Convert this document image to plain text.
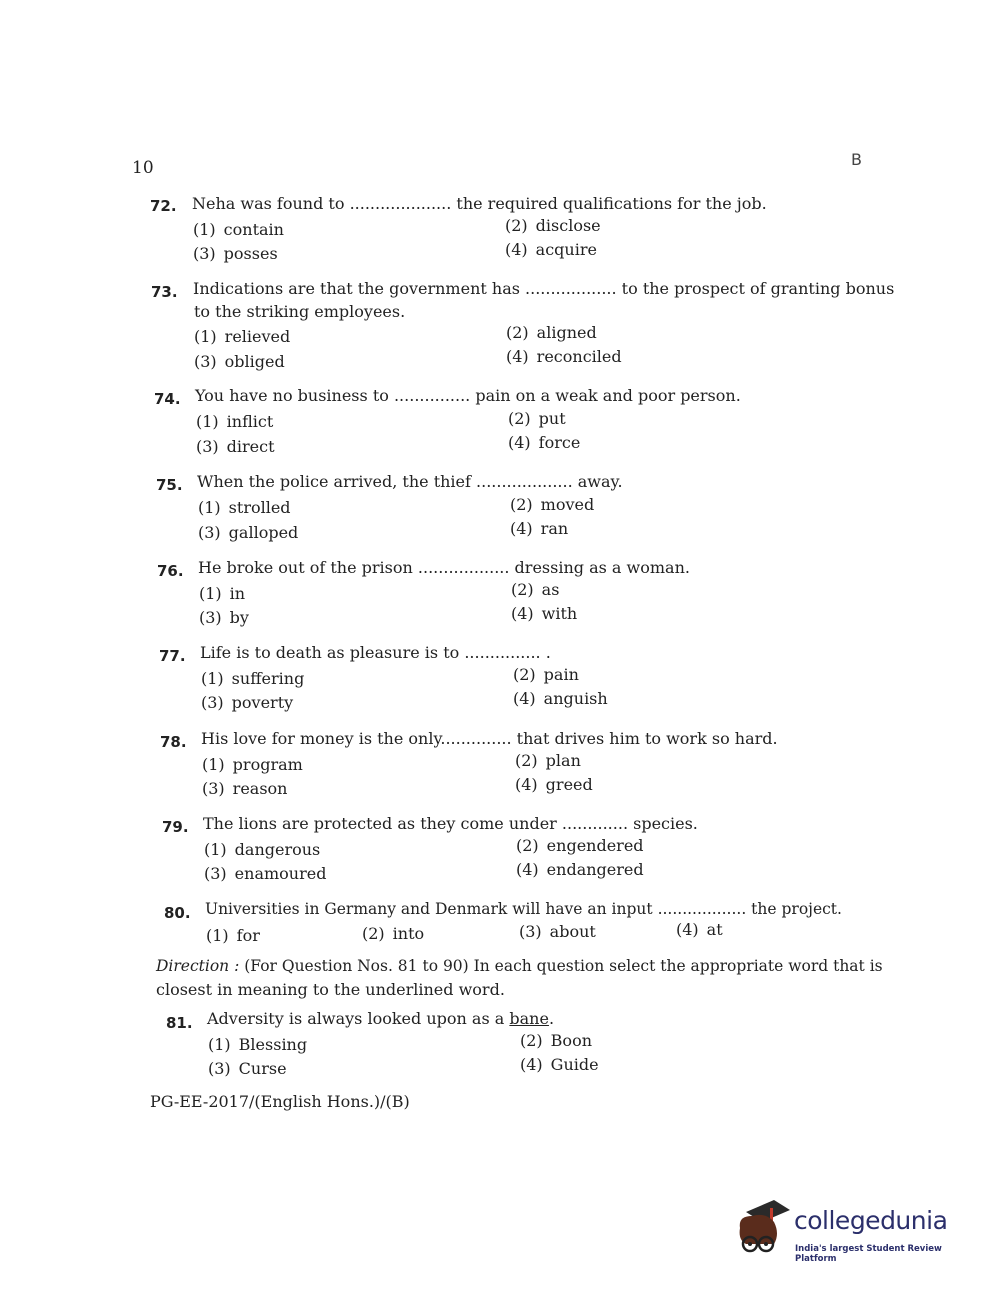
10	B
72. Neha was found to .................... the required qualifications for the job.
(1) contain	(2) disclose
(3) posses	(4) acquire
73. Indications are that the government has .................. to the prospect of granting bonus
to the striking employees.
(1) relieved	(2) aligned
(3) obliged	(4) reconciled
74. You have no business to ............... pain on a weak and poor person.
(1) inflict	(2) put
(3) direct	(4) force
75. When the police arrived, the thief ................... away.
(1) strolled	(2) moved
(3) galloped	(4) ran
76. He broke out of the prison .................. dressing as a woman.
(1) in	(2) as
(3) by	(4) with
77. Life is to death as pleasure is to ............... .
(1) suffering	(2) pain
(3) poverty	(4) anguish
78. His love for money is the only.............. that drives him to work so hard.
(1) program	(2) plan
(3) reason	(4) greed
79. The lions are protected as they come under ............. species.
(1) dangerous	(2) engendered
(3) enamoured	(4) endangered
80. Universities in Germany and Denmark will have an input .................. the project.
(1) for	(2) into	(3) about	(4) at
Direction : (For Question Nos. 81 to 90) In each question select the appropriate word that is
closest in meaning to the underlined word.
81. Adversity is always looked upon as a bane.
(1) Blessing	(2) Boon
(3) Curse	(4) Guide
PG-EE-2017/(English Hons.)/(B)
collegedunia
India's largest Student Review Platform
